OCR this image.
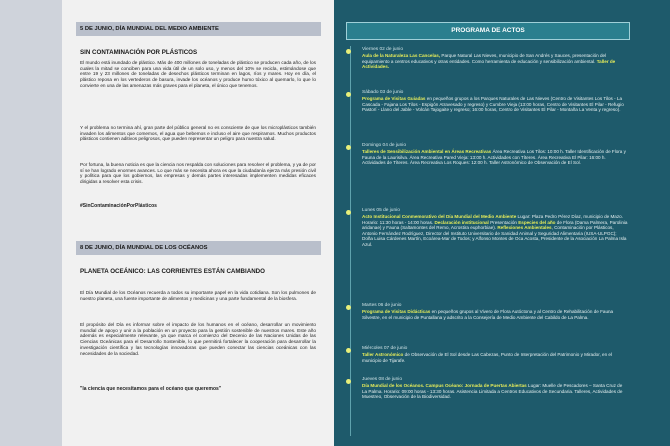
5 DE JUNIO, DÍA MUNDIAL DEL MEDIO AMBIENTE
SIN CONTAMINACIÓN POR PLÁSTICOS
El mundo está inundado de plástico. Más de 400 millones de toneladas de plástico se producen cada año, de los cuales la mitad se conciben para una vida útil de un solo uso, y menos del 10% se recicla, estimándose que entre 19 y 23 millones de toneladas de desechos plásticos terminan en lagos, ríos y mares. Hoy en día, el plástico reposa en los vertederos de basura, invade los océanos y produce humo tóxico al quemarlo, lo que lo convierte en una de las amenazas más graves para el planeta, el único que tenemos.
Y el problema no termina ahí, gran parte del público general no es consciente de que los microplásticos también invaden los alimentos que comemos, el agua que bebemos e incluso el aire que respiramos. Muchos productos plásticos contienen aditivos peligrosos, que pueden representar un peligro para nuestra salud.
Por fortuna, la buena noticia es que la ciencia nos respalda con soluciones para resolver el problema, y ya de por sí se han logrado enormes avances. Lo que más se necesita ahora es que la ciudadanía ejerza más presión civil y política para que los gobiernos, las empresas y demás partes interesadas implementen medidas eficaces dirigidas a resolver esta crisis.
#SinContaminaciónPorPlásticos
8 DE JUNIO, DÍA MUNDIAL DE LOS OCÉANOS
PLANETA OCEÁNICO: LAS CORRIENTES ESTÁN CAMBIANDO
El Día Mundial de los Océanos recuerda a todos su importante papel en la vida cotidiana. Son los pulmones de nuestro planeta, una fuente importante de alimentos y medicinas y una parte fundamental de la biosfera.
El propósito del Día es informar sobre el impacto de los humanos en el océano, desarrollar un movimiento mundial de apoyo y unir a la población en un proyecto para la gestión sostenible de nuestros mares. Este año además es especialmente relevante, ya que marca el comienzo del Decenio de las Naciones Unidas de las Ciencias Oceánicas para el Desarrollo Sostenible, lo que permitirá fortalecer la cooperación para desarrollar la investigación científica y las tecnologías innovadoras que pueden conectar las ciencias oceánicas con las necesidades de la sociedad.
"la ciencia que necesitamos para el océano que queremos"
PROGRAMA DE ACTOS
Viernes 02 de junio
Aula de la Naturaleza Las Cancelas, Parque Natural Las Nieves, municipio de San Andrés y Sauces, presentación del equipamiento a centros educativos y otras entidades. Como herramienta de educación y sensibilización ambiental. Taller de Actividades.
Sábado 03 de junio
Programa de Visitas Guiadas en pequeños grupos a los Parques Naturales de Las Nieves (Centro de Visitantes Los Tilos - La Cascada - Fajana Los Tilos - Espigón Atravesado y regreso) y Cumbre Vieja (13:00 horas, Centro de Visitantes El Pilar - Refugio Pastorí - Llano del Jable - Volcán Tajogaite y regreso; 16:00 horas, Centro de Visitantes El Pilar - Montaña La Venta y regreso).
Domingo 04 de junio
Talleres de Sensibilización Ambiental en Áreas Recreativas Área Recreativa Los Tilos: 10:00 h. Taller Identificación de Flora y Fauna de la Laurisilva. Área Recreativa Pared Vieja: 13:00 h. Actividades con Títeres. Área Recreativa El Pilar: 16:00 h. Actividades de Títeres. Área Recreativa Los Roques: 12:00 h. Taller Astronómico de Observación de El Sol.
Lunes 05 de junio
Acto Institucional Conmemorativo del Día Mundial del Medio Ambiente Lugar: Plaza Pedro Pérez Díaz, municipio de Mazo. Horario: 11:30 horas - 14:00 horas. Declaración institucional Presentación Especies del año de Flora (Dama Palmera, Parolinia aridanae) y Fauna (Saltamontes del Remo, Acrostira euphorbiae). Reflexiones Ambientales, Contaminación por Plásticos, Antonio Fernández Rodríguez, Director del Instituto Universitario de Sanidad Animal y Seguridad Alimentaria (IUSA-ULPGC); Doña Luisa Cárdenes Martín, Ecoárea-Mar de Todos; y Alfonso Montes de Oca Acosta, Presidente de la Asociación La Palma Isla Azul.
Martes 06 de junio
Programa de Visitas Didácticas en pequeños grupos al Vivero de Flora Autóctona y al Centro de Rehabilitación de Fauna Silvestre, en el municipio de Puntallana y adscrito a la Consejería de Medio Ambiente del Cabildo de La Palma.
Miércoles 07 de junio
Taller Astronómico de Observación de El Sol desde Las Cabezas, Punto de Interpretación del Patrimonio y Mirador, en el municipio de Tijarafe.
Jueves 08 de junio
Día Mundial de los Océanos. Campus Océano: Jornada de Puertas Abiertas Lugar: Muelle de Pescadores – Santa Cruz de La Palma. Horario: 09:00 horas - 13:30 horas. Asistencia Limitada a Centros Educativos de Secundaria. Talleres, Actividades de Muestreo, Observación de la Biodiversidad.
